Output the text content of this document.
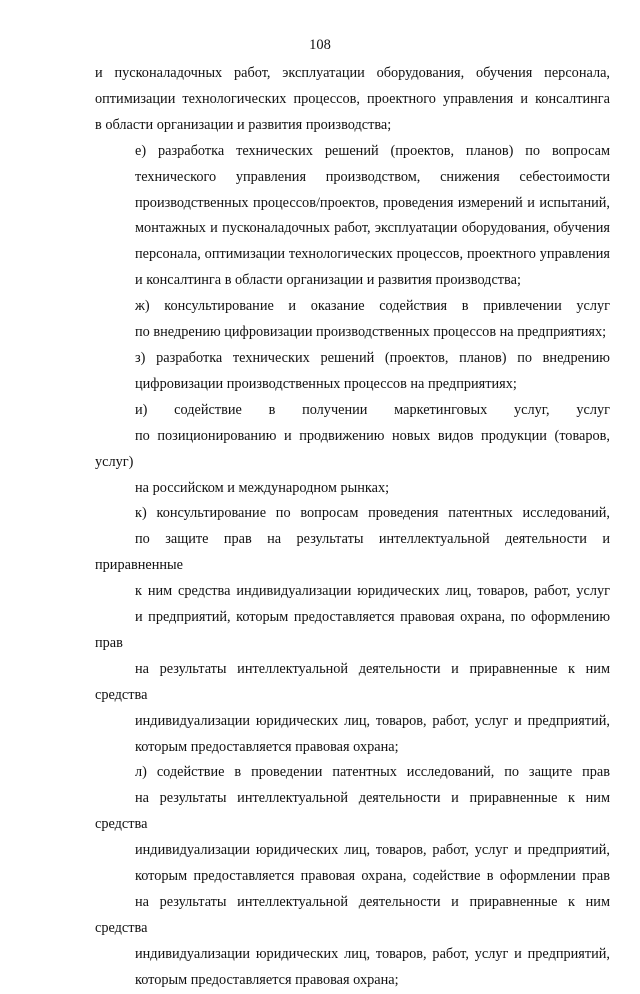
108

и пусконаладочных работ, эксплуатации оборудования, обучения персонала,
оптимизации технологических процессов, проектного управления и консалтинга
в области организации и развития производства;

е) разработка технических решений (проектов, планов) по вопросам
технического управления производством, снижения себестоимости
производственных процессов/проектов, проведения измерений и испытаний,
монтажных и пусконаладочных работ, эксплуатации оборудования, обучения
персонала, оптимизации технологических процессов, проектного управления
и консалтинга в области организации и развития производства;

ж) консультирование и оказание содействия в привлечении услуг
по внедрению цифровизации производственных процессов на предприятиях;

з) разработка технических решений (проектов, планов) по внедрению
цифровизации производственных процессов на предприятиях;

и) содействие в получении маркетинговых услуг, услуг
по позиционированию и продвижению новых видов продукции (товаров, услуг)
на российском и международном рынках;

к) консультирование по вопросам проведения патентных исследований,
по защите прав на результаты интеллектуальной деятельности и приравненные
к ним средства индивидуализации юридических лиц, товаров, работ, услуг
и предприятий, которым предоставляется правовая охрана, по оформлению прав
на результаты интеллектуальной деятельности и приравненные к ним средства
индивидуализации юридических лиц, товаров, работ, услуг и предприятий,
которым предоставляется правовая охрана;

л) содействие в проведении патентных исследований, по защите прав
на результаты интеллектуальной деятельности и приравненные к ним средства
индивидуализации юридических лиц, товаров, работ, услуг и предприятий,
которым предоставляется правовая охрана, содействие в оформлении прав
на результаты интеллектуальной деятельности и приравненные к ним средства
индивидуализации юридических лиц, товаров, работ, услуг и предприятий,
которым предоставляется правовая охрана;
